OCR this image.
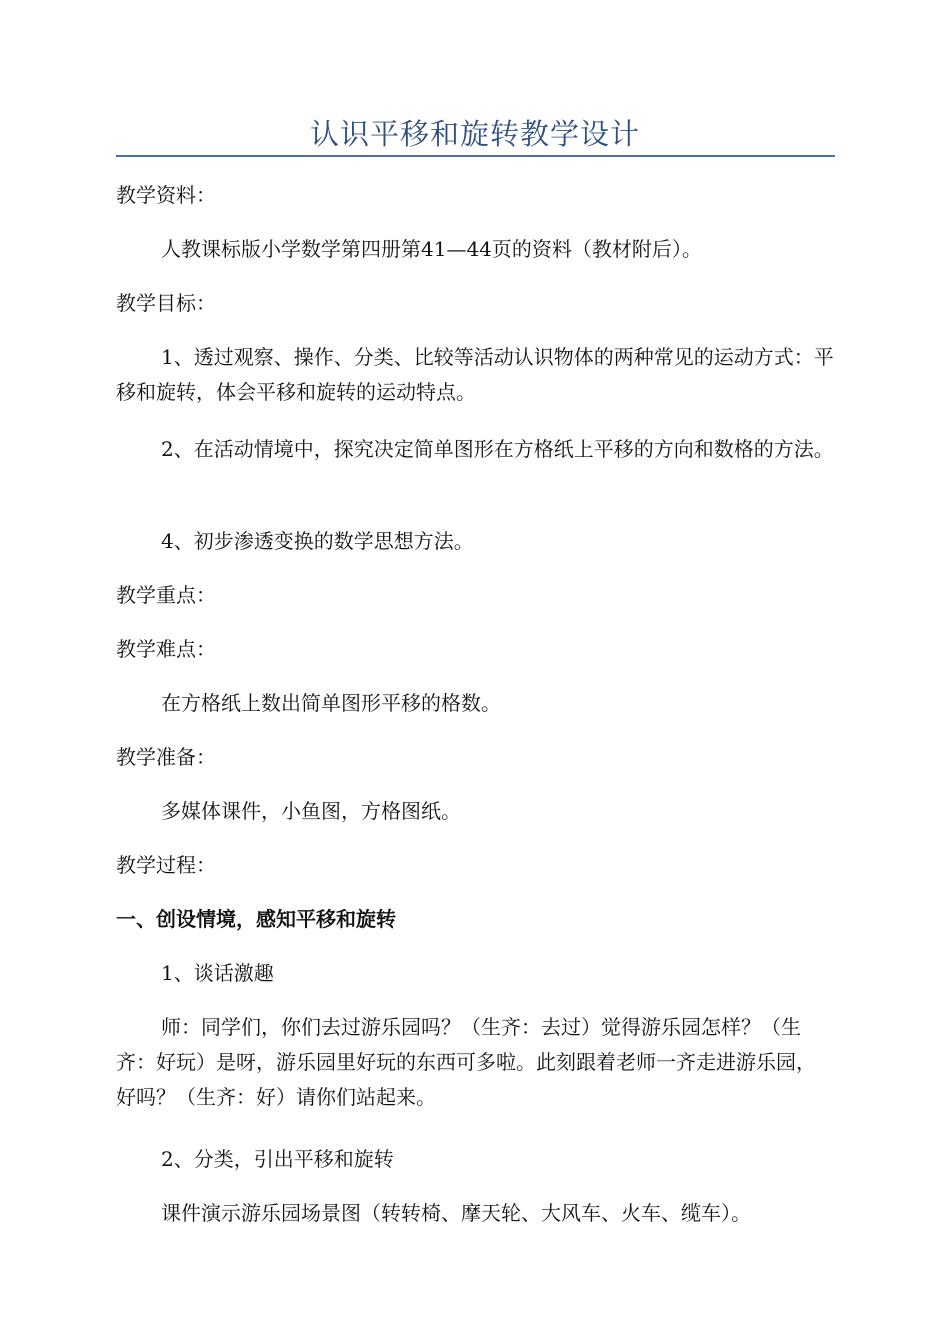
认识平移和旋转教学设计

教学资料：

人教课标版小学数学第四册第41—44页的资料（教材附后）。

教学目标：

1、透过观察、操作、分类、比较等活动认识物体的两种常见的运动方式：平移和旋转，体会平移和旋转的运动特点。

2、在活动情境中，探究决定简单图形在方格纸上平移的方向和数格的方法。

4、初步渗透变换的数学思想方法。

教学重点：

教学难点：

在方格纸上数出简单图形平移的格数。

教学准备：

多媒体课件，小鱼图，方格图纸。

教学过程：

一、创设情境，感知平移和旋转

1、谈话激趣

师：同学们，你们去过游乐园吗？（生齐：去过）觉得游乐园怎样？（生齐：好玩）是呀，游乐园里好玩的东西可多啦。此刻跟着老师一齐走进游乐园，好吗？（生齐：好）请你们站起来。

2、分类，引出平移和旋转

课件演示游乐园场景图（转转椅、摩天轮、大风车、火车、缆车）。
